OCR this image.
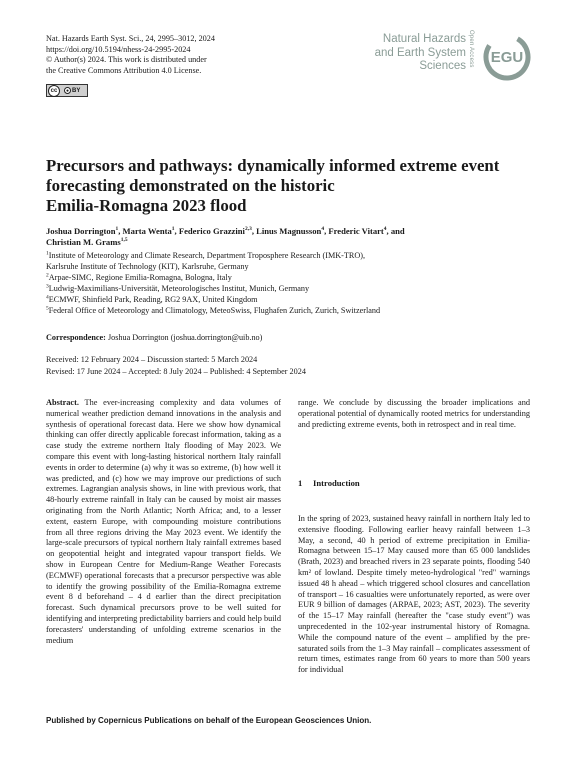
Nat. Hazards Earth Syst. Sci., 24, 2995–3012, 2024
https://doi.org/10.5194/nhess-24-2995-2024
© Author(s) 2024. This work is distributed under
the Creative Commons Attribution 4.0 License.
cc	● BY
Natural Hazards
and Earth System
Sciences Open Access EGU
Precursors and pathways: dynamically informed extreme event
forecasting demonstrated on the historic
Emilia-Romagna 2023 flood
Joshua Dorrington$^1$, Marta Wenta$^1$, Federico Grazzini$^{2,3}$, Linus Magnusson$^4$, Frederic Vitart$^4$, and
Christian M. Grams$^{1,5}$
$^1$Institute of Meteorology and Climate Research, Department Troposphere Research (IMK-TRO),
Karlsruhe Institute of Technology (KIT), Karlsruhe, Germany
$^2$Arpae-SIMC, Regione Emilia-Romagna, Bologna, Italy
$^3$Ludwig-Maximilians-Universität, Meteorologisches Institut, Munich, Germany
$^4$ECMWF, Shinfield Park, Reading, RG2 9AX, United Kingdom
$^5$Federal Office of Meteorology and Climatology, MeteoSwiss, Flughafen Zurich, Zurich, Switzerland
Correspondence: Joshua Dorrington (joshua.dorrington@uib.no)
Received: 12 February 2024 – Discussion started: 5 March 2024
Revised: 17 June 2024 – Accepted: 8 July 2024 – Published: 4 September 2024
Abstract. The ever-increasing complexity and data volumes of numerical weather prediction demand innovations in the analysis and synthesis of operational forecast data. Here we show how dynamical thinking can offer directly applicable forecast information, taking as a case study the extreme northern Italy flooding of May 2023. We compare this event with long-lasting historical northern Italy rainfall events in order to determine (a) why it was so extreme, (b) how well it was predicted, and (c) how we may improve our predictions of such extremes. Lagrangian analysis shows, in line with previous work, that 48-hourly extreme rainfall in Italy can be caused by moist air masses originating from the North Atlantic; North Africa; and, to a lesser extent, eastern Europe, with compounding moisture contributions from all three regions driving the May 2023 event. We identify the large-scale precursors of typical northern Italy rainfall extremes based on geopotential height and integrated vapour transport fields. We show in European Centre for Medium-Range Weather Forecasts (ECMWF) operational forecasts that a precursor perspective was able to identify the growing possibility of the Emilia-Romagna extreme event 8 d beforehand – 4 d earlier than the direct precipitation forecast. Such dynamical precursors prove to be well suited for identifying and interpreting predictability barriers and could help build forecasters' understanding of unfolding extreme scenarios in the medium
range. We conclude by discussing the broader implications and operational potential of dynamically rooted metrics for understanding and predicting extreme events, both in retrospect and in real time.
1 Introduction
In the spring of 2023, sustained heavy rainfall in northern Italy led to extensive flooding. Following earlier heavy rainfall between 1–3 May, a second, 40 h period of extreme precipitation in Emilia-Romagna between 15–17 May caused more than 65 000 landslides (Brath, 2023) and breached rivers in 23 separate points, flooding 540 km² of lowland. Despite timely meteo-hydrological "red" warnings issued 48 h ahead – which triggered school closures and cancellation of transport – 16 casualties were unfortunately reported, as were over EUR 9 billion of damages (ARPAE, 2023; AST, 2023). The severity of the 15–17 May rainfall (hereafter the "case study event") was unprecedented in the 102-year instrumental history of Romagna. While the compound nature of the event – amplified by the pre-saturated soils from the 1–3 May rainfall – complicates assessment of return times, estimates range from 60 years to more than 500 years for individual
Published by Copernicus Publications on behalf of the European Geosciences Union.
